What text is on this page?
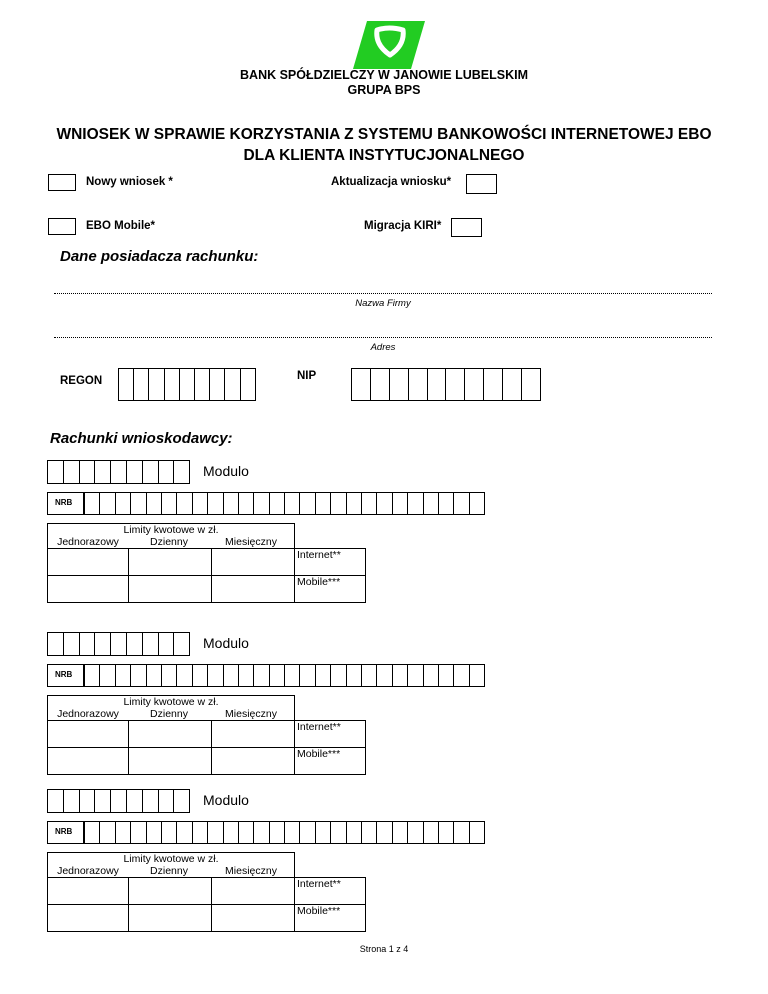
BANK SPÓŁDZIELCZY W JANOWIE LUBELSKIM
GRUPA BPS
WNIOSEK W SPRAWIE KORZYSTANIA Z SYSTEMU BANKOWOŚCI INTERNETOWEJ EBO
DLA KLIENTA INSTYTUCJONALNEGO
Nowy wniosek *	Aktualizacja wniosku*
EBO Mobile*	Migracja KIRI*
Dane posiadacza rachunku:
Nazwa Firmy
Adres
REGON	NIP
Rachunki wnioskodawcy:
Modulo
NRB
Limity kwotowe w zł.
Jednorazowy Dzienny Miesięczny			

			Internet**
			Mobile***
Modulo
NRB
Limity kwotowe w zł.
Jednorazowy Dzienny Miesięczny			

			Internet**
			Mobile***
Modulo
NRB
Limity kwotowe w zł.
Jednorazowy Dzienny Miesięczny			

			Internet**
			Mobile***
Strona 1 z 4
